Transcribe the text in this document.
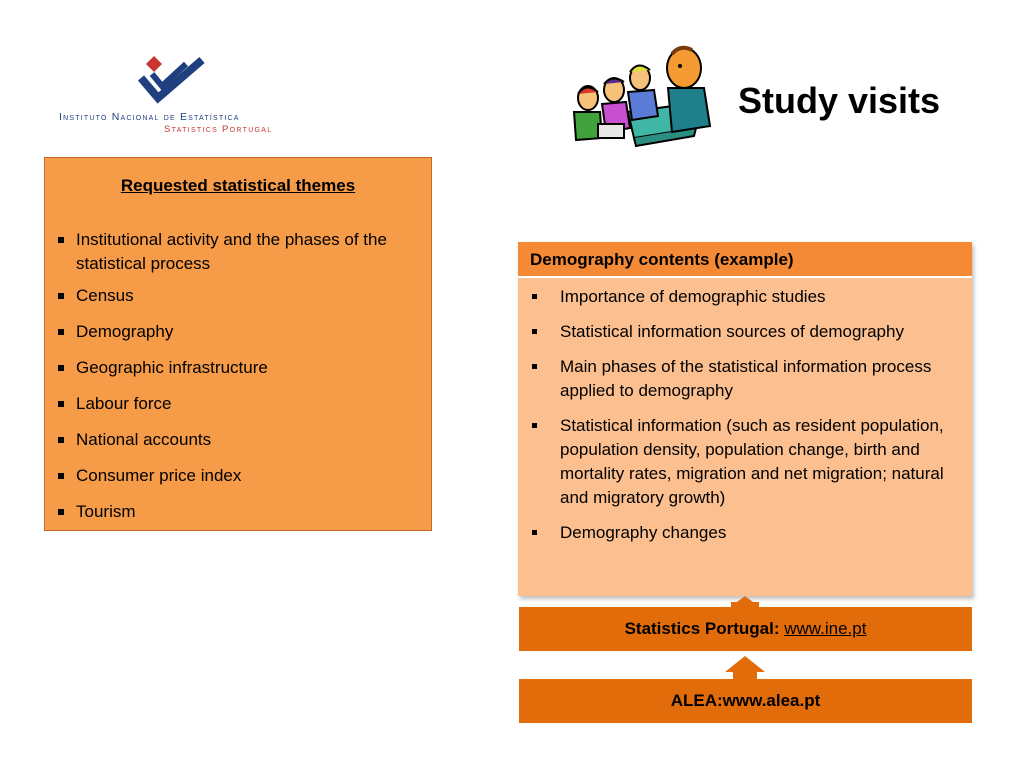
Instituto Nacional de Estatística
Statistics Portugal
Study visits
Requested statistical themes
Institutional activity and the phases of the statistical process
Census
Demography
Geographic infrastructure
Labour force
National accounts
Consumer price index
Tourism
Demography contents (example)
Importance of demographic studies
Statistical information sources of demography
Main phases of the statistical information process applied to demography
Statistical information (such as resident population, population density, population change, birth and mortality rates, migration and net migration; natural and migratory growth)
Demography changes
Statistics Portugal: www.ine.pt
ALEA:www.alea.pt
